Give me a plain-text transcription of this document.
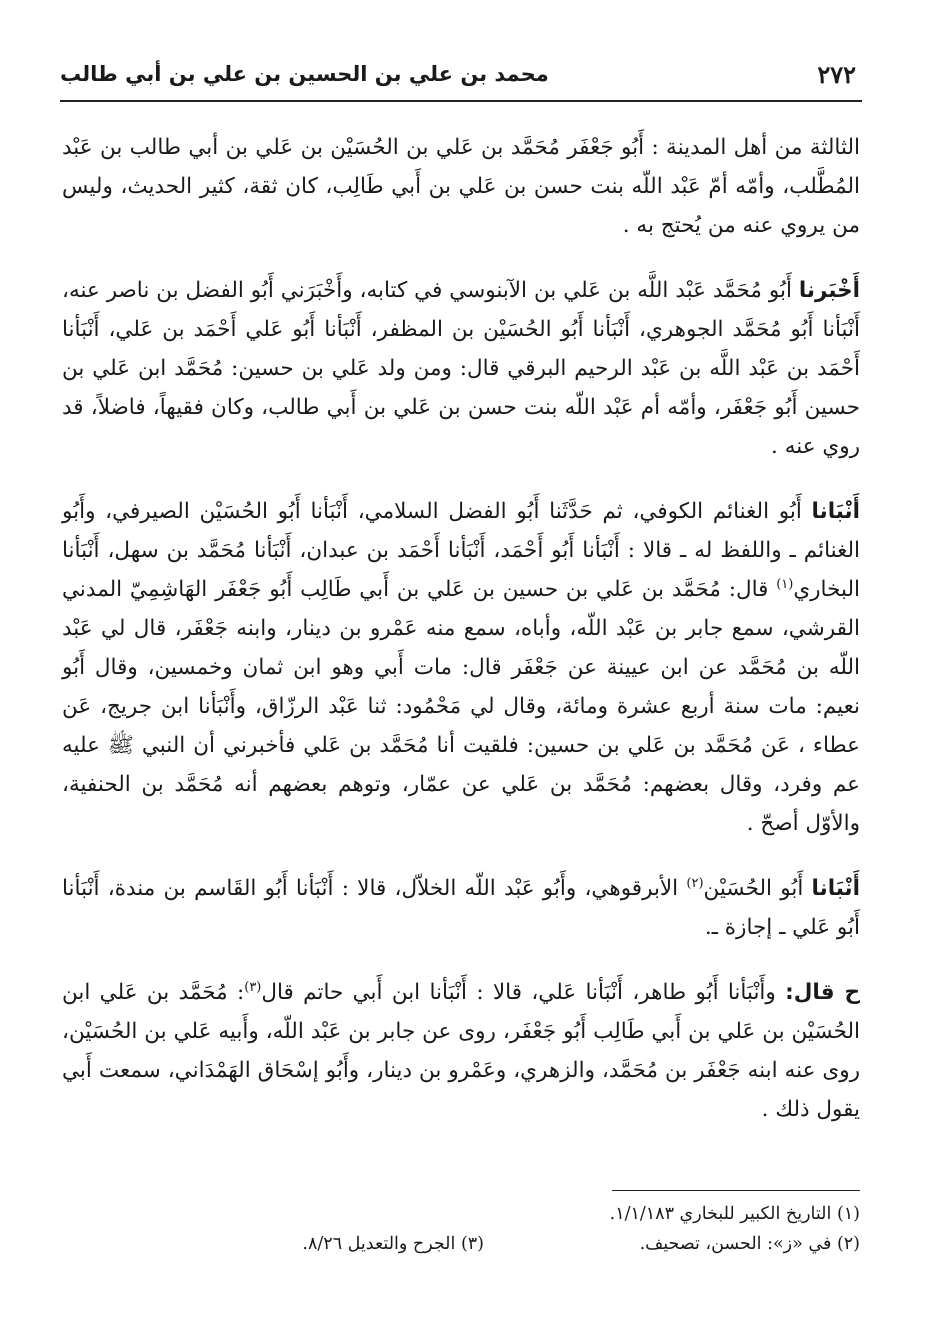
٢٧٢
محمد بن علي بن الحسين بن علي بن أبي طالب

الثالثة من أهل المدينة : أَبُو جَعْفَر مُحَمَّد بن عَلي بن الحُسَيْن بن عَلي بن أبي طالب بن عَبْد المُطَّلب، وأمّه أمّ عَبْد اللّه بنت حسن بن عَلي بن أَبي طَالِب، كان ثقة، كثير الحديث، وليس من يروي عنه من يُحتج به .

أَخْبَرنا أَبُو مُحَمَّد عَبْد اللَّه بن عَلي بن الآبنوسي في كتابه، وأَخْبَرَني أَبُو الفضل بن ناصر عنه، أَنْبَأنا أَبُو مُحَمَّد الجوهري، أَنْبَأنا أَبُو الحُسَيْن بن المظفر، أَنْبَأنا أَبُو عَلي أَحْمَد بن عَلي، أَنْبَأنا أَحْمَد بن عَبْد اللَّه بن عَبْد الرحيم البرقي قال: ومن ولد عَلي بن حسين: مُحَمَّد ابن عَلي بن حسين أَبُو جَعْفَر، وأمّه أم عَبْد اللّه بنت حسن بن عَلي بن أَبي طالب، وكان فقيهاً، فاضلاً، قد روي عنه .

أَنْبَانا أَبُو الغنائم الكوفي، ثم حَدَّثَنا أَبُو الفضل السلامي، أَنْبَأنا أَبُو الحُسَيْن الصيرفي، وأَبُو الغنائم ـ واللفظ له ـ قالا : أَنْبَأنا أَبُو أَحْمَد، أَنْبَأنا أَحْمَد بن عبدان، أَنْبَأنا مُحَمَّد بن سهل، أَنْبَأنا البخاري$^{(١)}$ قال: مُحَمَّد بن عَلي بن حسين بن عَلي بن أَبي طَالِب أَبُو جَعْفَر الهَاشِمِيّ المدني القرشي، سمع جابر بن عَبْد اللّه، وأباه، سمع منه عَمْرو بن دينار، وابنه جَعْفَر، قال لي عَبْد اللّه بن مُحَمَّد عن ابن عيينة عن جَعْفَر قال: مات أَبي وهو ابن ثمان وخمسين، وقال أَبُو نعيم: مات سنة أربع عشرة ومائة، وقال لي مَحْمُود: ثنا عَبْد الرزّاق، وأَنْبَأنا ابن جريج، عَن عطاء ، عَن مُحَمَّد بن عَلي بن حسين: فلقيت أنا مُحَمَّد بن عَلي فأخبرني أن النبي ﷺ عليه عم وفرد، وقال بعضهم: مُحَمَّد بن عَلي عن عمّار، وتوهم بعضهم أنه مُحَمَّد بن الحنفية، والأوّل أصحّ .

أَنْبَانا أَبُو الحُسَيْن$^{(٢)}$ الأبرقوهي، وأَبُو عَبْد اللّه الخلاّل، قالا : أَنْبَأنا أَبُو القَاسم بن مندة، أَنْبَأنا أَبُو عَلي ـ إجازة ـ.

ح قال: وأَنْبَأنا أَبُو طاهر، أَنْبَأنا عَلي، قالا : أَنْبَأنا ابن أَبي حاتم قال$^{(٣)}$: مُحَمَّد بن عَلي ابن الحُسَيْن بن عَلي بن أَبي طَالِب أَبُو جَعْفَر، روى عن جابر بن عَبْد اللّه، وأَبيه عَلي بن الحُسَيْن، روى عنه ابنه جَعْفَر بن مُحَمَّد، والزهري، وعَمْرو بن دينار، وأَبُو إسْحَاق الهَمْدَاني، سمعت أَبي يقول ذلك .

(١) التاريخ الكبير للبخاري ١/١/١٨٣.
(٢) في «ز»: الحسن، تصحيف.
(٣) الجرح والتعديل ٨/٢٦.
